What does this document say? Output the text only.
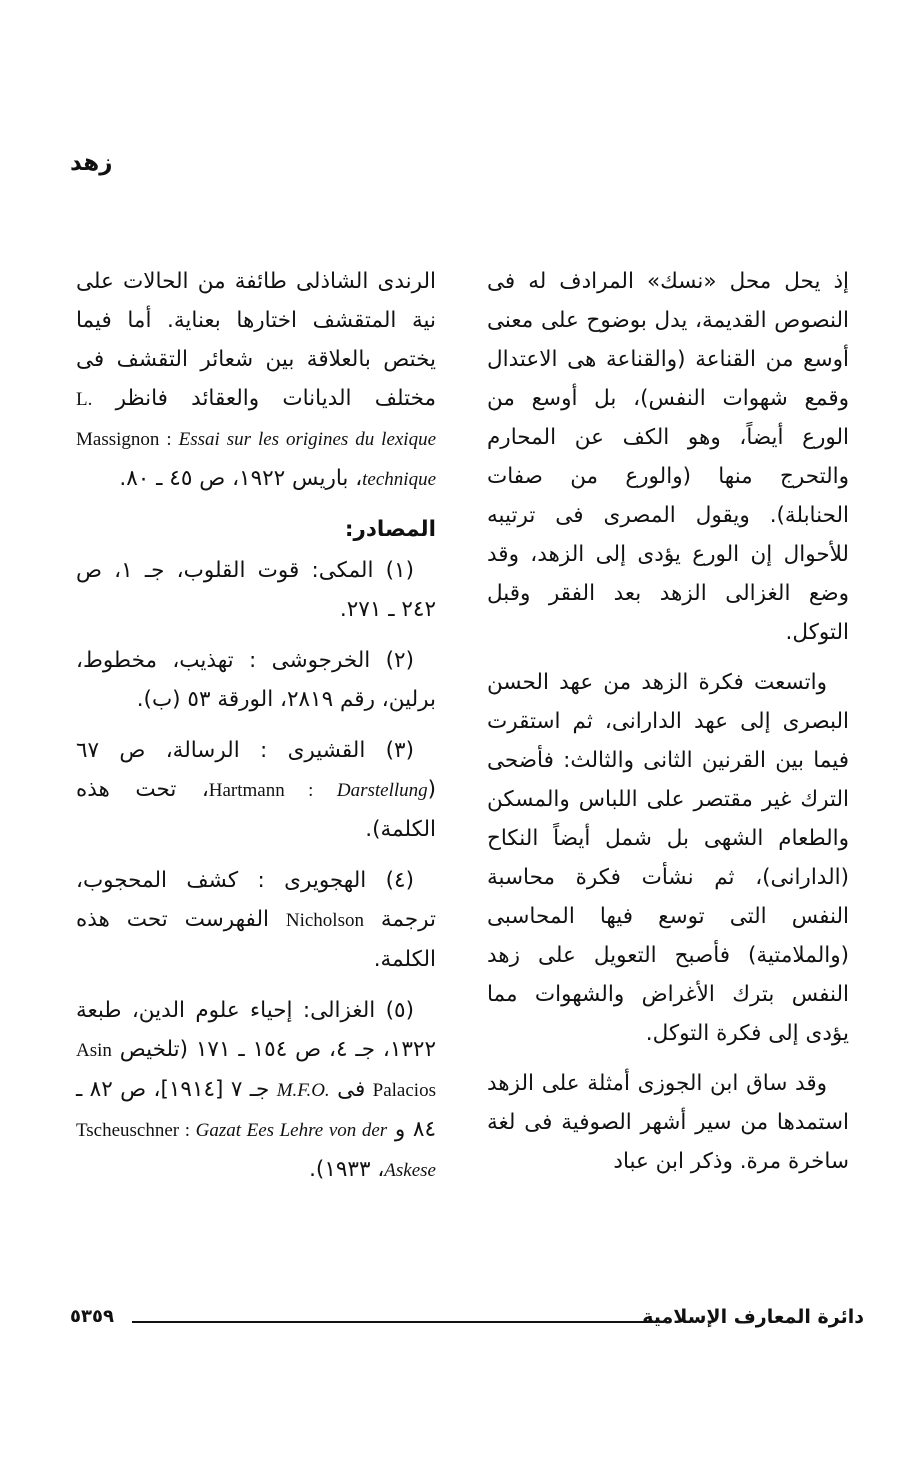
زهد

إذ يحل محل «نسك» المرادف له فى النصوص القديمة، يدل بوضوح على معنى أوسع من القناعة (والقناعة هى الاعتدال وقمع شهوات النفس)، بل أوسع من الورع أيضاً، وهو الكف عن المحارم والتحرج منها (والورع من صفات الحنابلة). ويقول المصرى فى ترتيبه للأحوال إن الورع يؤدى إلى الزهد، وقد وضع الغزالى الزهد بعد الفقر وقبل التوكل.

واتسعت فكرة الزهد من عهد الحسن البصرى إلى عهد الدارانى، ثم استقرت فيما بين القرنين الثانى والثالث: فأضحى الترك غير مقتصر على اللباس والمسكن والطعام الشهى بل شمل أيضاً النكاح (الدارانى)، ثم نشأت فكرة محاسبة النفس التى توسع فيها المحاسبى (والملامتية) فأصبح التعويل على زهد النفس بترك الأغراض والشهوات مما يؤدى إلى فكرة التوكل.

وقد ساق ابن الجوزى أمثلة على الزهد استمدها من سير أشهر الصوفية فى لغة ساخرة مرة. وذكر ابن عباد

الرندى الشاذلى طائفة من الحالات على نية المتقشف اختارها بعناية. أما فيما يختص بالعلاقة بين شعائر التقشف فى مختلف الديانات والعقائد فانظر L. Massignon : Essai sur les origines du lexique technique، باريس ١٩٢٢، ص ٤٥ ـ ٨٠.

المصادر:

(١) المكى: قوت القلوب، جـ ١، ص ٢٤٢ ـ ٢٧١.

(٢) الخرجوشى : تهذيب، مخطوط، برلين، رقم ٢٨١٩، الورقة ٥٣ (ب).

(٣) القشيرى : الرسالة، ص ٦٧ (Hartmann : Darstellung، تحت هذه الكلمة).

(٤) الهجويرى : كشف المحجوب، ترجمة Nicholson الفهرست تحت هذه الكلمة.

(٥) الغزالى: إحياء علوم الدين، طبعة ١٣٢٢، جـ ٤، ص ١٥٤ ـ ١٧١ (تلخيص Asin Palacios فى M.F.O. جـ ٧ [١٩١٤]، ص ٨٢ ـ ٨٤ و Tscheuschner : Gazat Ees Lehre von der Askese، ١٩٣٣).

دائرة المعارف الإسلامية
٥٣٥٩
